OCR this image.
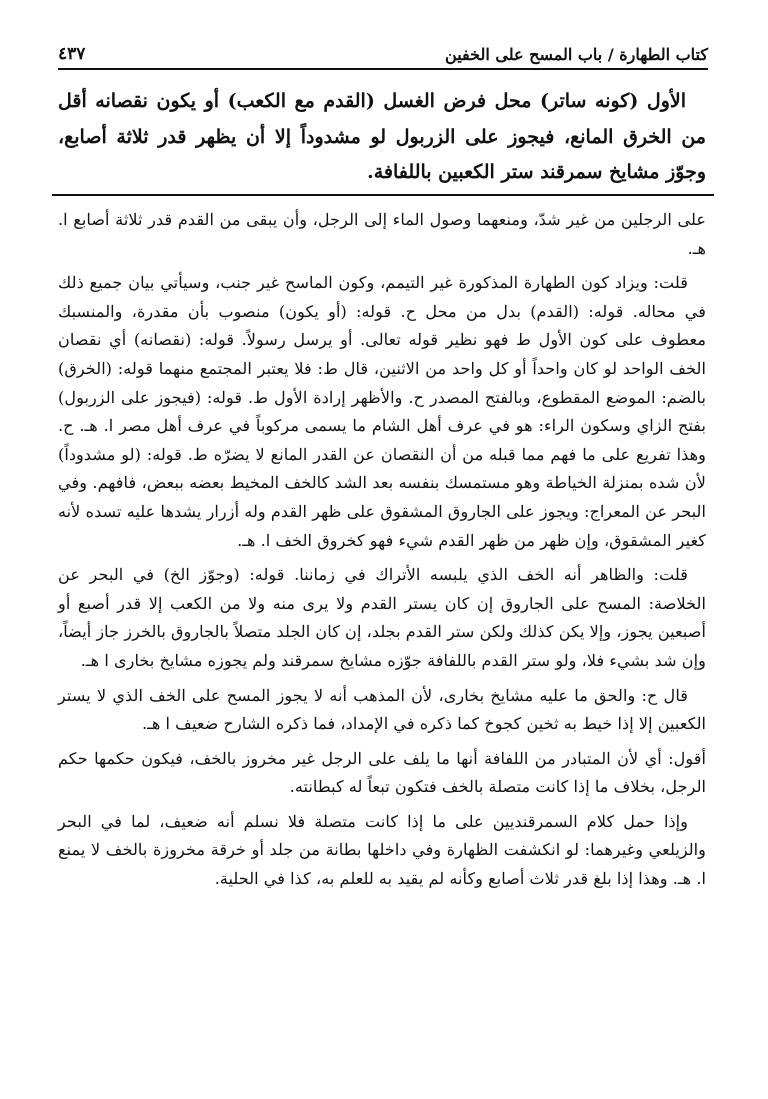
كتاب الطهارة / باب المسح على الخفين
٤٣٧

الأول (كونه ساتر) محل فرض الغسل (القدم مع الكعب) أو يكون نقصانه أقل من الخرق المانع، فيجوز على الزربول لو مشدوداً إلا أن يظهر قدر ثلاثة أصابع، وجوّز مشايخ سمرقند ستر الكعبين باللفافة.

على الرجلين من غير شدّ، ومنعهما وصول الماء إلى الرجل، وأن يبقى من القدم قدر ثلاثة أصابع ا. هـ.

قلت: ويزاد كون الطهارة المذكورة غير التيمم، وكون الماسح غير جنب، وسيأتي بيان جميع ذلك في محاله. قوله: (القدم) بدل من محل ح. قوله: (أو يكون) منصوب بأن مقدرة، والمنسبك معطوف على كون الأول ط فهو نظير قوله تعالى. أو يرسل رسولاً. قوله: (نقصانه) أي نقصان الخف الواحد لو كان واحداً أو كل واحد من الاثنين، قال ط: فلا يعتبر المجتمع منهما قوله: (الخرق) بالضم: الموضع المقطوع، وبالفتح المصدر ح. والأظهر إرادة الأول ط. قوله: (فيجوز على الزربول) بفتح الزاي وسكون الراء: هو في عرف أهل الشام ما يسمى مركوباً في عرف أهل مصر ا. هـ. ح. وهذا تفريع على ما فهم مما قبله من أن النقصان عن القدر المانع لا يضرّه ط. قوله: (لو مشدوداً) لأن شده بمنزلة الخياطة وهو مستمسك بنفسه بعد الشد كالخف المخيط بعضه ببعض، فافهم. وفي البحر عن المعراج: ويجوز على الجاروق المشقوق على ظهر القدم وله أزرار يشدها عليه تسده لأنه كغير المشقوق، وإن ظهر من ظهر القدم شيء فهو كخروق الخف ا. هـ.

قلت: والظاهر أنه الخف الذي يلبسه الأتراك في زماننا. قوله: (وجوّز الخ) في البحر عن الخلاصة: المسح على الجاروق إن كان يستر القدم ولا يرى منه ولا من الكعب إلا قدر أصبع أو أصبعين يجوز، وإلا يكن كذلك ولكن ستر القدم بجلد، إن كان الجلد متصلاً بالجاروق بالخرز جاز أيضاً، وإن شد بشيء فلا، ولو ستر القدم باللفافة جوّزه مشايخ سمرقند ولم يجوزه مشايخ بخارى ا هـ.

قال ح: والحق ما عليه مشايخ بخارى، لأن المذهب أنه لا يجوز المسح على الخف الذي لا يستر الكعبين إلا إذا خيط به ثخين كجوخ كما ذكره في الإمداد، فما ذكره الشارح ضعيف ا هـ.

أقول: أي لأن المتبادر من اللفافة أنها ما يلف على الرجل غير مخروز بالخف، فيكون حكمها حكم الرجل، بخلاف ما إذا كانت متصلة بالخف فتكون تبعاً له كبطانته.

وإذا حمل كلام السمرقنديين على ما إذا كانت متصلة فلا نسلم أنه ضعيف، لما في البحر والزيلعي وغيرهما: لو انكشفت الظهارة وفي داخلها بطانة من جلد أو خرقة مخروزة بالخف لا يمنع ا. هـ. وهذا إذا بلغ قدر ثلاث أصابع وكأنه لم يقيد به للعلم به، كذا في الحلية.
